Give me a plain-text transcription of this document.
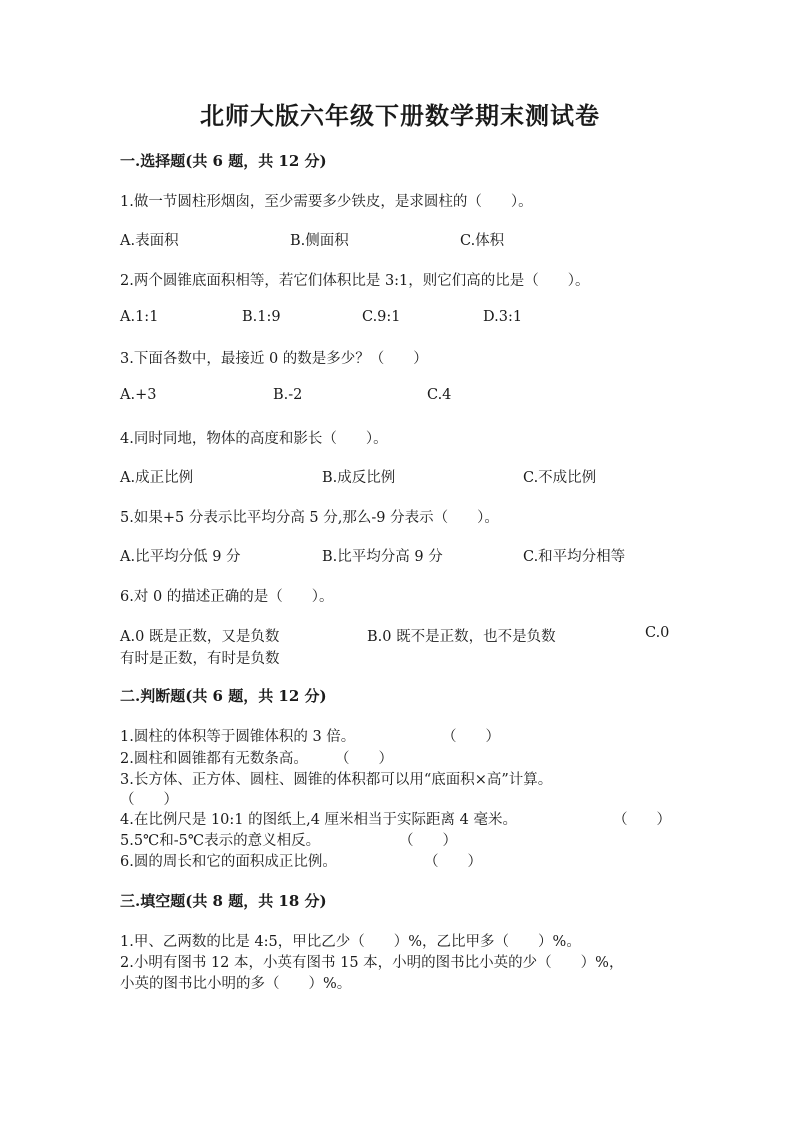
北师大版六年级下册数学期末测试卷
一.选择题(共 6 题，共 12 分)
1.做一节圆柱形烟囱，至少需要多少铁皮，是求圆柱的（　　）。
A.表面积	B.侧面积	C.体积
2.两个圆锥底面积相等，若它们体积比是 3:1，则它们高的比是（　　）。
A.1:1	B.1:9	C.9:1	D.3:1
3.下面各数中，最接近 0 的数是多少？（　　）
A.+3	B.-2	C.4
4.同时同地，物体的高度和影长（　　）。
A.成正比例	B.成反比例	C.不成比例
5.如果+5 分表示比平均分高 5 分,那么-9 分表示（　　）。
A.比平均分低 9 分	B.比平均分高 9 分	C.和平均分相等
6.对 0 的描述正确的是（　　）。
A.0 既是正数，又是负数	B.0 既不是正数，也不是负数	C.0
有时是正数，有时是负数
二.判断题(共 6 题，共 12 分)
1.圆柱的体积等于圆锥体积的 3 倍。	（　　）
2.圆柱和圆锥都有无数条高。 （　　）
3.长方体、正方体、圆柱、圆锥的体积都可以用“底面积×高”计算。
（　　）
4.在比例尺是 10:1 的图纸上,4 厘米相当于实际距离 4 毫米。	（　　）
5.5℃和-5℃表示的意义相反。	（　　）
6.圆的周长和它的面积成正比例。	（　　）
三.填空题(共 8 题，共 18 分)
1.甲、乙两数的比是 4:5，甲比乙少（　　）%，乙比甲多（　　）%。
2.小明有图书 12 本，小英有图书 15 本，小明的图书比小英的少（　　）%，
小英的图书比小明的多（　　）%。
